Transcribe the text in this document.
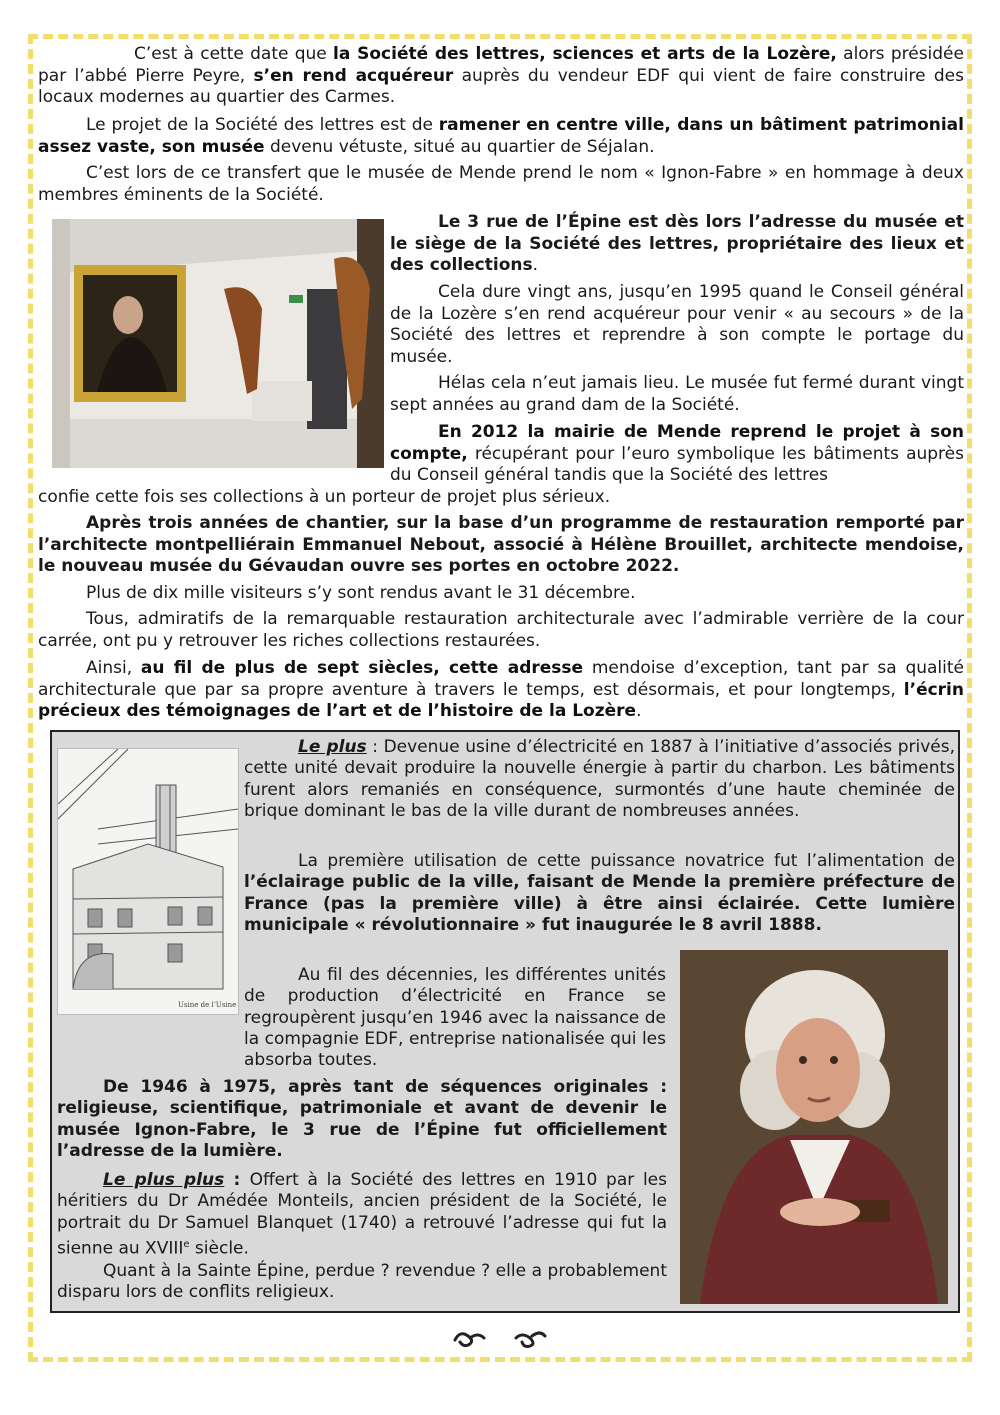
C’est à cette date que la Société des lettres, sciences et arts de la Lozère, alors présidée par l’abbé Pierre Peyre, s’en rend acquéreur auprès du vendeur EDF qui vient de faire construire des locaux modernes au quartier des Carmes.

Le projet de la Société des lettres est de ramener en centre ville, dans un bâtiment patrimonial assez vaste, son musée devenu vétuste, situé au quartier de Séjalan.

C’est lors de ce transfert que le musée de Mende prend le nom « Ignon-Fabre » en hommage à deux membres éminents de la Société.

Le 3 rue de l’Épine est dès lors l’adresse du musée et le siège de la Société des lettres, propriétaire des lieux et des collections.

Cela dure vingt ans, jusqu’en 1995 quand le Conseil général de la Lozère s’en rend acquéreur pour venir « au secours » de la Société des lettres et reprendre à son compte le portage du musée.

Hélas cela n’eut jamais lieu. Le musée fut fermé durant vingt sept années au grand dam de la Société.

En 2012 la mairie de Mende reprend le projet à son compte, récupérant pour l’euro symbolique les bâtiments auprès du Conseil général tandis que la Société des lettres

confie cette fois ses collections à un porteur de projet plus sérieux.

Après trois années de chantier, sur la base d’un programme de restauration remporté par l’architecte montpelliérain Emmanuel Nebout, associé à Hélène Brouillet, architecte mendoise, le nouveau musée du Gévaudan ouvre ses portes en octobre 2022.

Plus de dix mille visiteurs s’y sont rendus avant le 31 décembre.

Tous, admiratifs de la remarquable restauration architecturale avec l’admirable verrière de la cour carrée, ont pu y retrouver les riches collections restaurées.

Ainsi, au fil de plus de sept siècles, cette adresse mendoise d’exception, tant par sa qualité architecturale que par sa propre aventure à travers le temps, est désormais, et pour longtemps, l’écrin précieux des témoignages de l’art et de l’histoire de la Lozère.

Usine de l’Usine

Le plus : Devenue usine d’électricité en 1887 à l’initiative d’associés privés, cette unité devait produire la nouvelle énergie à partir du charbon. Les bâtiments furent alors remaniés en conséquence, surmontés d’une haute cheminée de brique dominant le bas de la ville durant de nombreuses années.

La première utilisation de cette puissance novatrice fut l’alimentation de l’éclairage public de la ville, faisant de Mende la première préfecture de France (pas la première ville) à être ainsi éclairée. Cette lumière municipale « révolutionnaire » fut inaugurée le 8 avril 1888.

Au fil des décennies, les différentes unités de production d’électricité en France se regroupèrent jusqu’en 1946 avec la naissance de la compagnie EDF, entreprise nationalisée qui les absorba toutes.

De 1946 à 1975, après tant de séquences originales : religieuse, scientifique, patrimoniale et avant de devenir le musée Ignon-Fabre, le 3 rue de l’Épine fut officiellement l’adresse de la lumière.

Le plus plus : Offert à la Société des lettres en 1910 par les héritiers du Dr Amédée Monteils, ancien président de la Société, le portrait du Dr Samuel Blanquet (1740) a retrouvé l’adresse qui fut la sienne au XVIIIe siècle.

Quant à la Sainte Épine, perdue ? revendue ? elle a probablement disparu lors de conflits religieux.
